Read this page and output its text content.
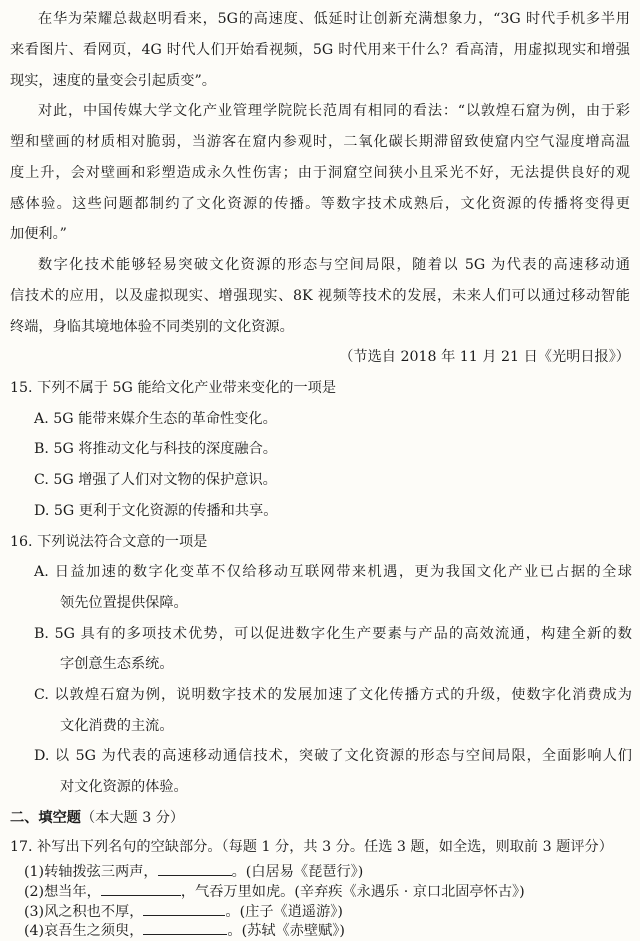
在华为荣耀总裁赵明看来，5G的高速度、低延时让创新充满想象力，“3G 时代手机多半用
来看图片、看网页，4G 时代人们开始看视频，5G 时代用来干什么？看高清，用虚拟现实和增强
现实，速度的量变会引起质变”。
对此，中国传媒大学文化产业管理学院院长范周有相同的看法：“以敦煌石窟为例，由于彩
塑和壁画的材质相对脆弱，当游客在窟内参观时，二氧化碳长期滞留致使窟内空气湿度增高温
度上升，会对壁画和彩塑造成永久性伤害；由于洞窟空间狭小且采光不好，无法提供良好的观
感体验。这些问题都制约了文化资源的传播。等数字技术成熟后，文化资源的传播将变得更
加便利。”
数字化技术能够轻易突破文化资源的形态与空间局限，随着以 5G 为代表的高速移动通
信技术的应用，以及虚拟现实、增强现实、8K 视频等技术的发展，未来人们可以通过移动智能
终端，身临其境地体验不同类别的文化资源。
（节选自 2018 年 11 月 21 日《光明日报》）
15. 下列不属于 5G 能给文化产业带来变化的一项是
A. 5G 能带来媒介生态的革命性变化。
B. 5G 将推动文化与科技的深度融合。
C. 5G 增强了人们对文物的保护意识。
D. 5G 更利于文化资源的传播和共享。
16. 下列说法符合文意的一项是
A. 日益加速的数字化变革不仅给移动互联网带来机遇，更为我国文化产业已占据的全球
领先位置提供保障。
B. 5G 具有的多项技术优势，可以促进数字化生产要素与产品的高效流通，构建全新的数
字创意生态系统。
C. 以敦煌石窟为例，说明数字技术的发展加速了文化传播方式的升级，使数字化消费成为
文化消费的主流。
D. 以 5G 为代表的高速移动通信技术，突破了文化资源的形态与空间局限，全面影响人们
对文化资源的体验。
二、填空题（本大题 3 分）
17. 补写出下列名句的空缺部分。（每题 1 分，共 3 分。任选 3 题，如全选，则取前 3 题评分）
(1)转轴拨弦三两声，	。(白居易《琵琶行》)
(2)想当年，	，气吞万里如虎。(辛弃疾《永遇乐 · 京口北固亭怀古》)
(3)风之积也不厚，	。(庄子《逍遥游》)
(4)哀吾生之须臾，	。(苏轼《赤壁赋》)
